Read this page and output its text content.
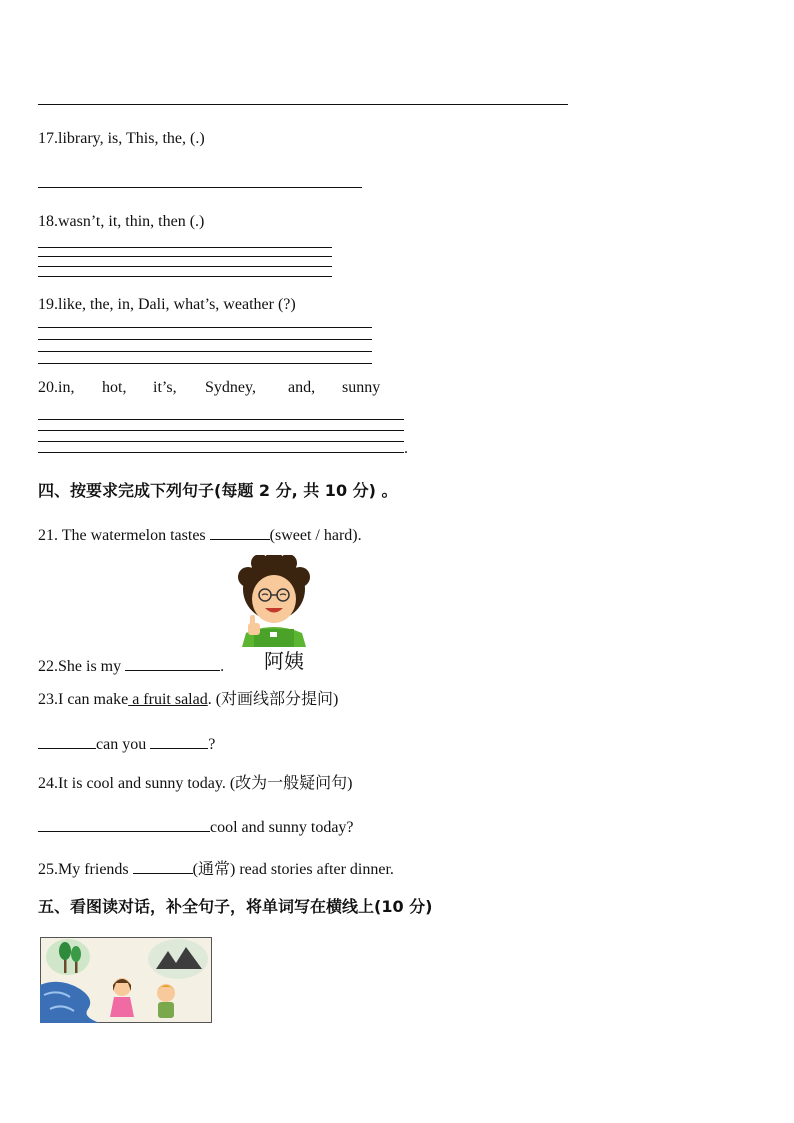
17.library, is, This, the, (.)
18.wasn’t, it, thin, then (.)
19.like, the, in, Dali, what’s, weather (?)
20.in, hot, it’s, Sydney, and, sunny
.
四、按要求完成下列句子(每题 2 分, 共 10 分) 。
21. The watermelon tastes	(sweet / hard).
阿姨
22.She is my	.
23.I can make a fruit salad. (对画线部分提问)
can you	?
24.It is cool and sunny today. (改为一般疑问句)
cool and sunny today?
25.My friends	(通常) read stories after dinner.
五、看图读对话，补全句子，将单词写在横线上(10 分)
